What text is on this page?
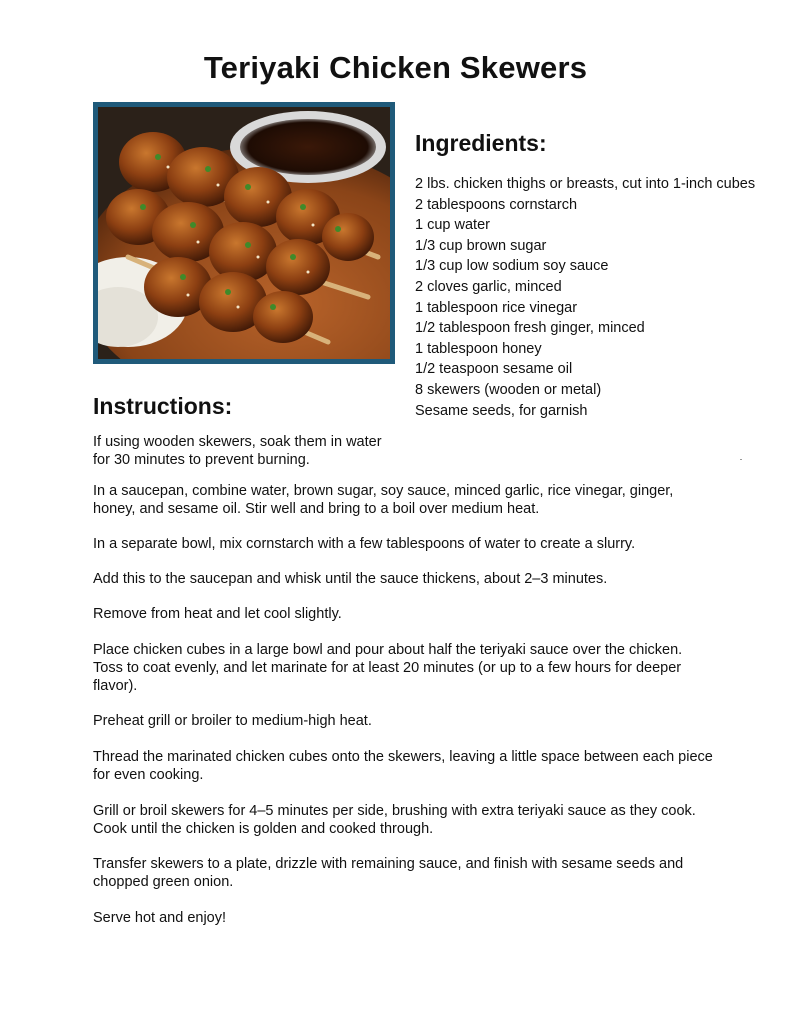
Teriyaki Chicken Skewers
Ingredients:
2 lbs. chicken thighs or breasts, cut into 1-inch cubes
2 tablespoons cornstarch
1 cup water
1/3 cup brown sugar
1/3 cup low sodium soy sauce
2 cloves garlic, minced
1 tablespoon rice vinegar
1/2 tablespoon fresh ginger, minced
1 tablespoon honey
1/2 teaspoon sesame oil
8 skewers (wooden or metal)
Sesame seeds, for garnish
Instructions:

If using wooden skewers, soak them in water for 30 minutes to prevent burning.

In a saucepan, combine water, brown sugar, soy sauce, minced garlic, rice vinegar, ginger, honey, and sesame oil. Stir well and bring to a boil over medium heat.

In a separate bowl, mix cornstarch with a few tablespoons of water to create a slurry.

Add this to the saucepan and whisk until the sauce thickens, about 2–3 minutes.

Remove from heat and let cool slightly.

Place chicken cubes in a large bowl and pour about half the teriyaki sauce over the chicken. Toss to coat evenly, and let marinate for at least 20 minutes (or up to a few hours for deeper flavor).

Preheat grill or broiler to medium-high heat.

Thread the marinated chicken cubes onto the skewers, leaving a little space between each piece for even cooking.

Grill or broil skewers for 4–5 minutes per side, brushing with extra teriyaki sauce as they cook. Cook until the chicken is golden and cooked through.

Transfer skewers to a plate, drizzle with remaining sauce, and finish with sesame seeds and chopped green onion.

Serve hot and enjoy!
